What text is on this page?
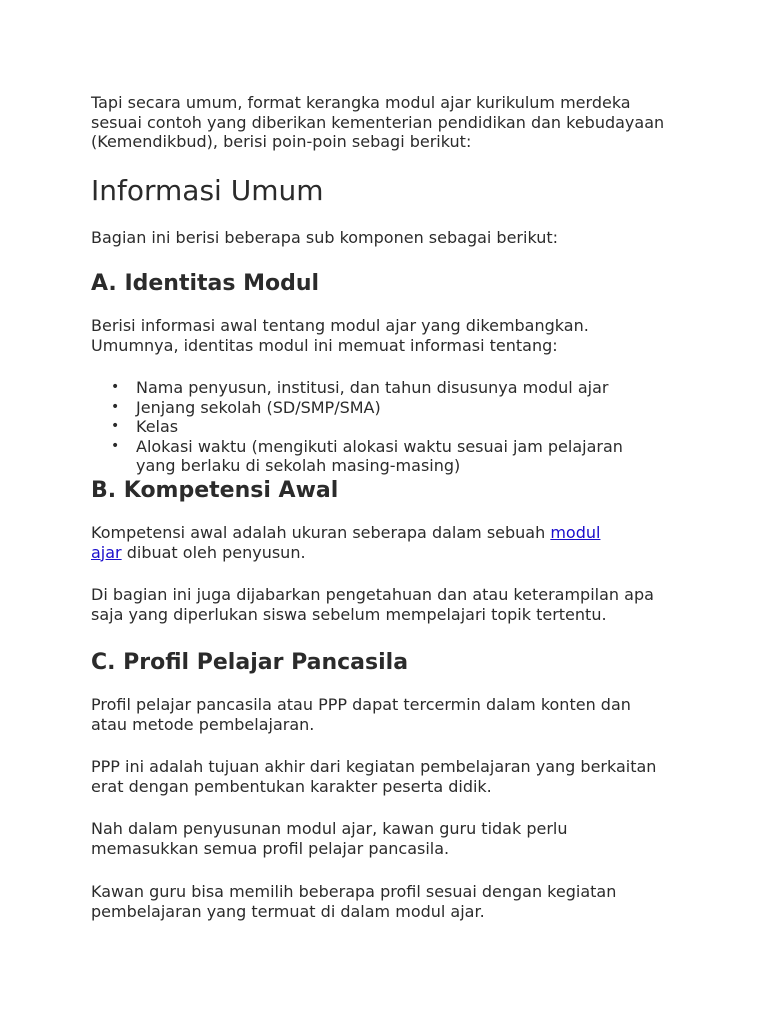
Tapi secara umum, format kerangka modul ajar kurikulum merdeka
sesuai contoh yang diberikan kementerian pendidikan dan kebudayaan
(Kemendikbud), berisi poin-poin sebagi berikut:

Informasi Umum

Bagian ini berisi beberapa sub komponen sebagai berikut:

A. Identitas Modul

Berisi informasi awal tentang modul ajar yang dikembangkan.
Umumnya, identitas modul ini memuat informasi tentang:

• Nama penyusun, institusi, dan tahun disusunya modul ajar
• Jenjang sekolah (SD/SMP/SMA)
• Kelas
• Alokasi waktu (mengikuti alokasi waktu sesuai jam pelajaran
yang berlaku di sekolah masing-masing)
B. Kompetensi Awal

Kompetensi awal adalah ukuran seberapa dalam sebuah modul
ajar dibuat oleh penyusun.

Di bagian ini juga dijabarkan pengetahuan dan atau keterampilan apa
saja yang diperlukan siswa sebelum mempelajari topik tertentu.

C. Profil Pelajar Pancasila

Profil pelajar pancasila atau PPP dapat tercermin dalam konten dan
atau metode pembelajaran.

PPP ini adalah tujuan akhir dari kegiatan pembelajaran yang berkaitan
erat dengan pembentukan karakter peserta didik.

Nah dalam penyusunan modul ajar, kawan guru tidak perlu
memasukkan semua profil pelajar pancasila.

Kawan guru bisa memilih beberapa profil sesuai dengan kegiatan
pembelajaran yang termuat di dalam modul ajar.
